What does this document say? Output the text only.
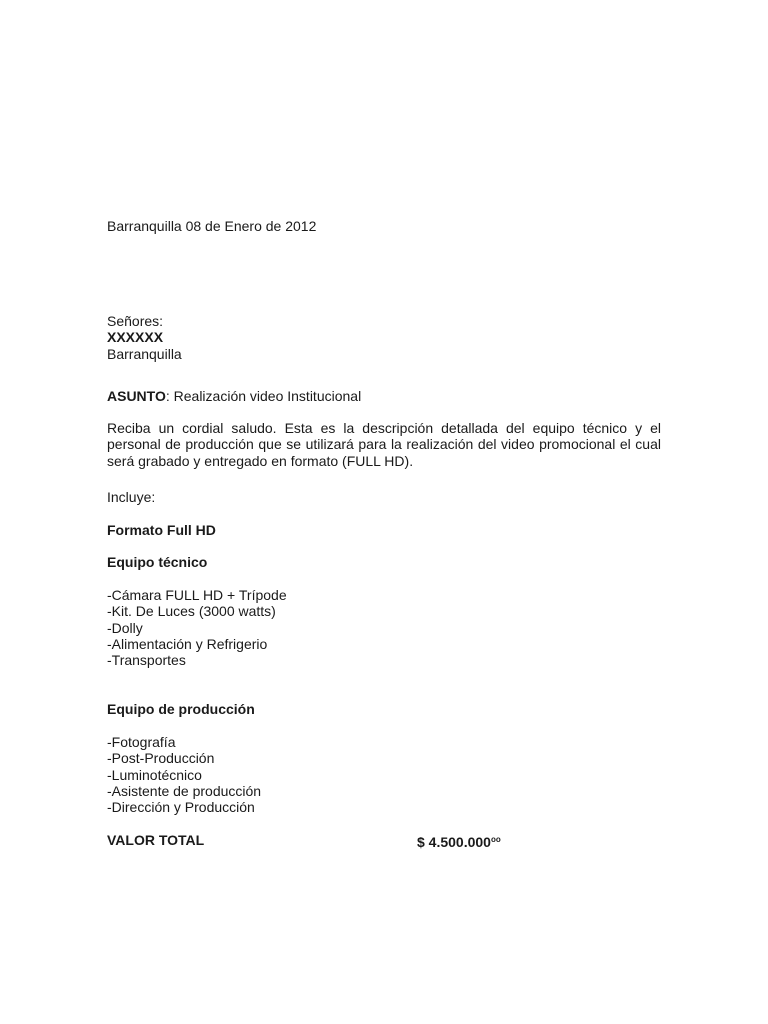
Barranquilla 08 de Enero de 2012

Señores:
XXXXXX
Barranquilla

ASUNTO: Realización video Institucional

Reciba un cordial saludo. Esta es la descripción detallada del equipo técnico y el personal de producción que se utilizará para la realización del video promocional el cual será grabado y entregado en formato (FULL HD).

Incluye:

Formato Full HD

Equipo técnico

-Cámara FULL HD + Trípode
-Kit. De Luces (3000 watts)
-Dolly
-Alimentación y Refrigerio
-Transportes

Equipo de producción

-Fotografía
-Post-Producción
-Luminotécnico
-Asistente de producción
-Dirección y Producción
VALOR TOTAL	$ $4.500.000^{oo}$
